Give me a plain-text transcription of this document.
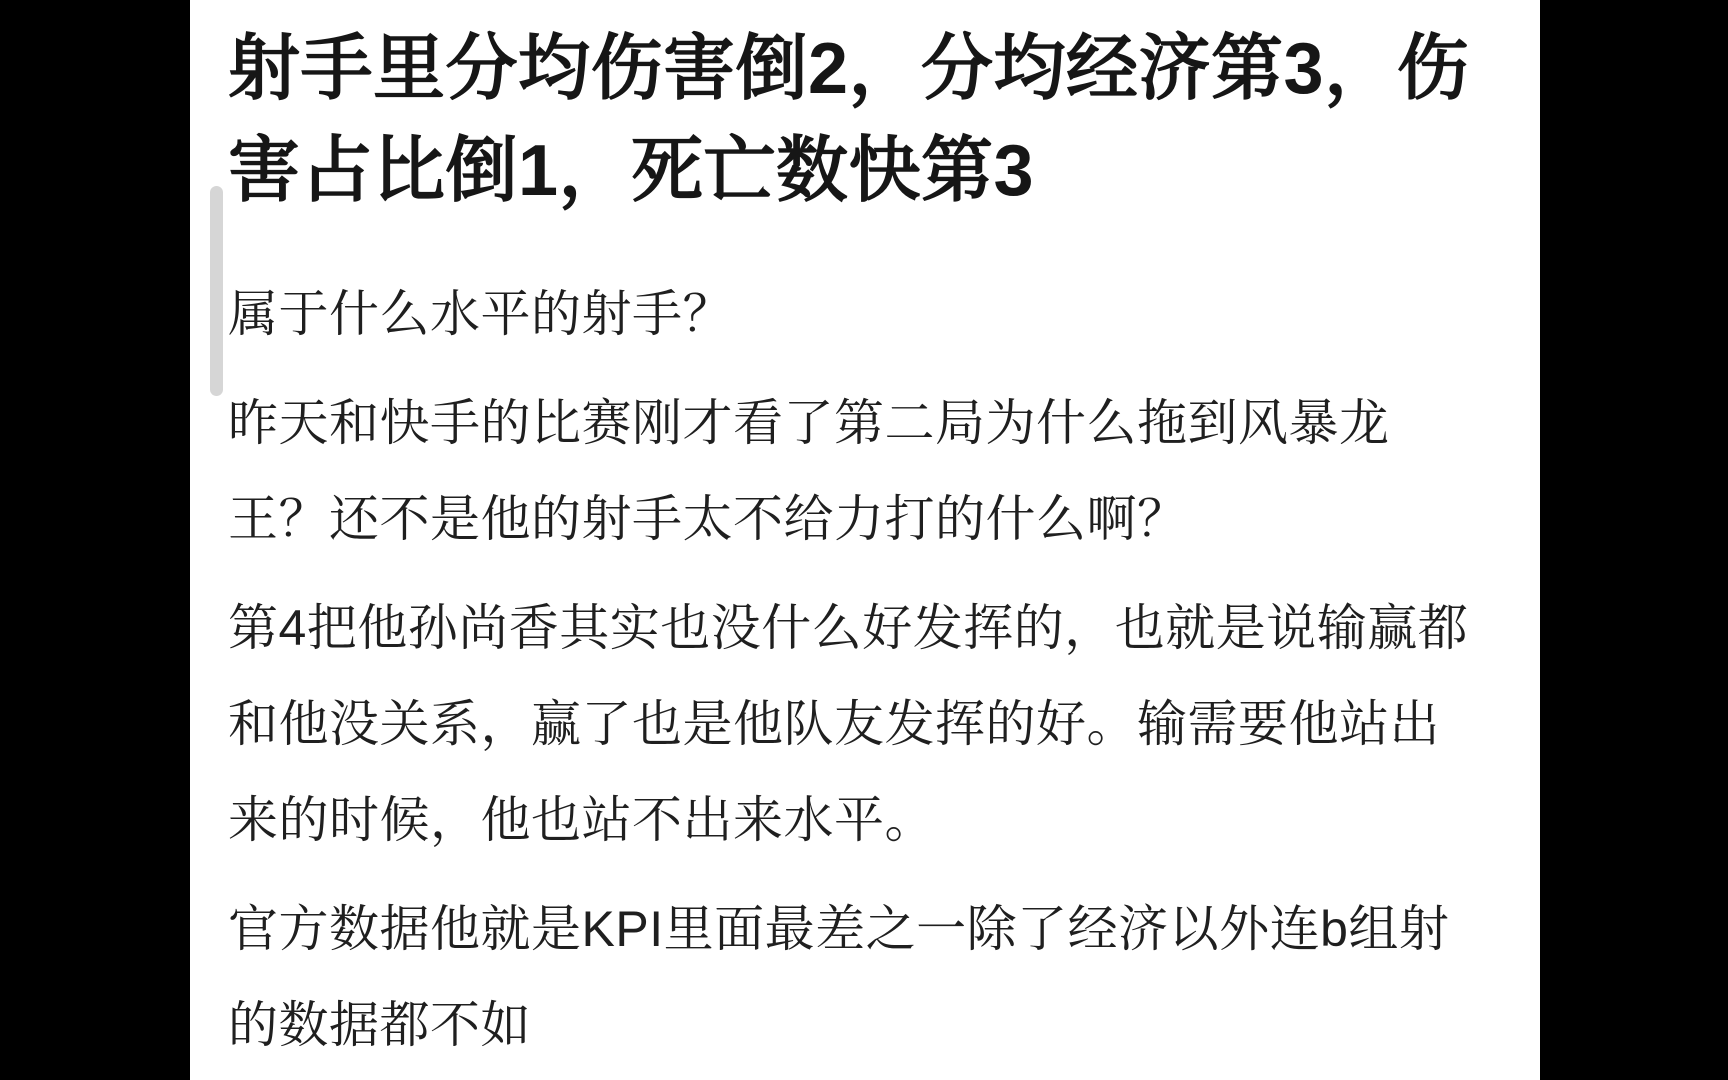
射手里分均伤害倒2，分均经济第3，伤害占比倒1，死亡数快第3

属于什么水平的射手？

昨天和快手的比赛刚才看了第二局为什么拖到风暴龙王？还不是他的射手太不给力打的什么啊？

第4把他孙尚香其实也没什么好发挥的，也就是说输赢都和他没关系，赢了也是他队友发挥的好。输需要他站出来的时候，他也站不出来水平。

官方数据他就是KPI里面最差之一除了经济以外连b组射的数据都不如
